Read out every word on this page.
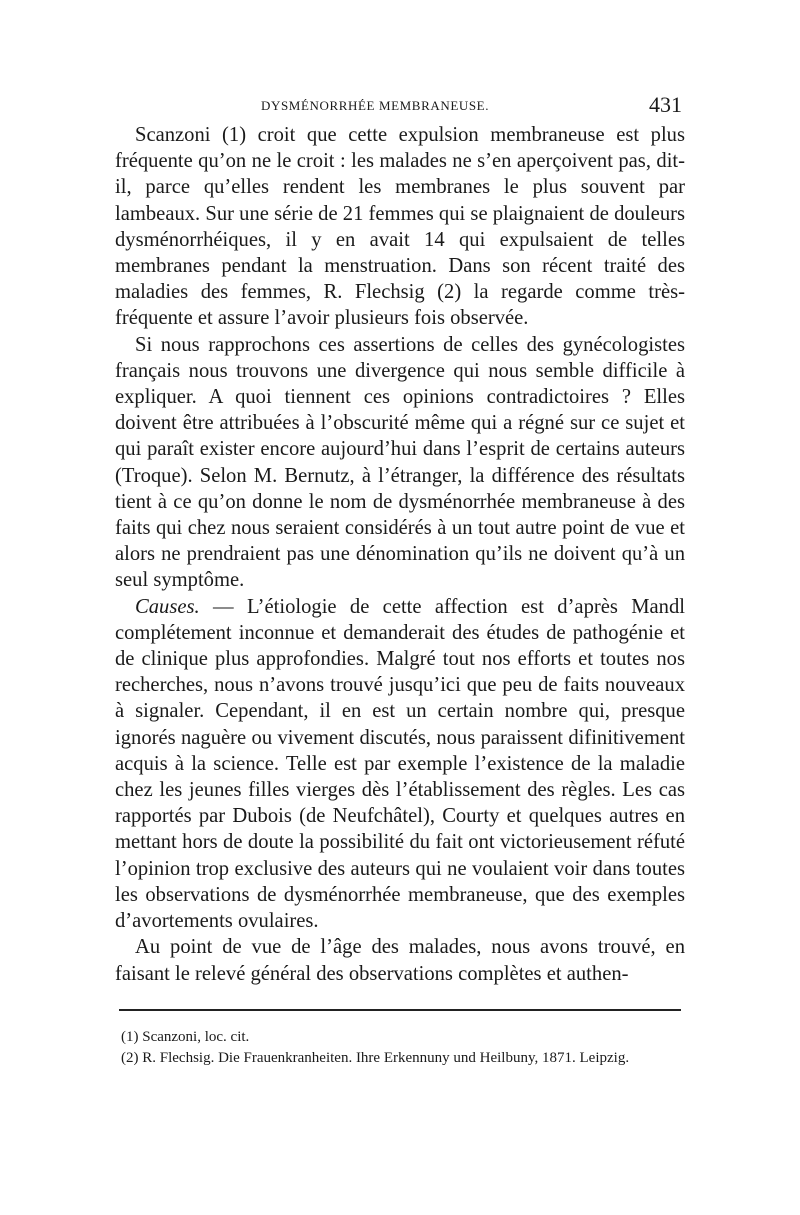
DYSMÉNORRHÉE MEMBRANEUSE.	431

Scanzoni (1) croit que cette expulsion membraneuse est plus fréquente qu’on ne le croit : les malades ne s’en aperçoivent pas, dit-il, parce qu’elles rendent les membranes le plus souvent par lambeaux. Sur une série de 21 femmes qui se plaignaient de douleurs dysménorrhéiques, il y en avait 14 qui expulsaient de telles membranes pendant la menstruation. Dans son récent traité des maladies des femmes, R. Flechsig (2) la regarde comme très-fréquente et assure l’avoir plusieurs fois observée.

Si nous rapprochons ces assertions de celles des gynécologistes français nous trouvons une divergence qui nous semble difficile à expliquer. A quoi tiennent ces opinions contradictoires ? Elles doivent être attribuées à l’obscurité même qui a régné sur ce sujet et qui paraît exister encore aujourd’hui dans l’esprit de certains auteurs (Troque). Selon M. Bernutz, à l’étranger, la différence des résultats tient à ce qu’on donne le nom de dysménorrhée membraneuse à des faits qui chez nous seraient considérés à un tout autre point de vue et alors ne prendraient pas une dénomination qu’ils ne doivent qu’à un seul symptôme.

Causes. — L’étiologie de cette affection est d’après Mandl complétement inconnue et demanderait des études de pathogénie et de clinique plus approfondies. Malgré tout nos efforts et toutes nos recherches, nous n’avons trouvé jusqu’ici que peu de faits nouveaux à signaler. Cependant, il en est un certain nombre qui, presque ignorés naguère ou vivement discutés, nous paraissent difinitivement acquis à la science. Telle est par exemple l’existence de la maladie chez les jeunes filles vierges dès l’établissement des règles. Les cas rapportés par Dubois (de Neufchâtel), Courty et quelques autres en mettant hors de doute la possibilité du fait ont victorieusement réfuté l’opinion trop exclusive des auteurs qui ne voulaient voir dans toutes les observations de dysménorrhée membraneuse, que des exemples d’avortements ovulaires.

Au point de vue de l’âge des malades, nous avons trouvé, en faisant le relevé général des observations complètes et authen-

(1) Scanzoni, loc. cit.

(2) R. Flechsig. Die Frauenkranheiten. Ihre Erkennuny und Heilbuny, 1871. Leipzig.
